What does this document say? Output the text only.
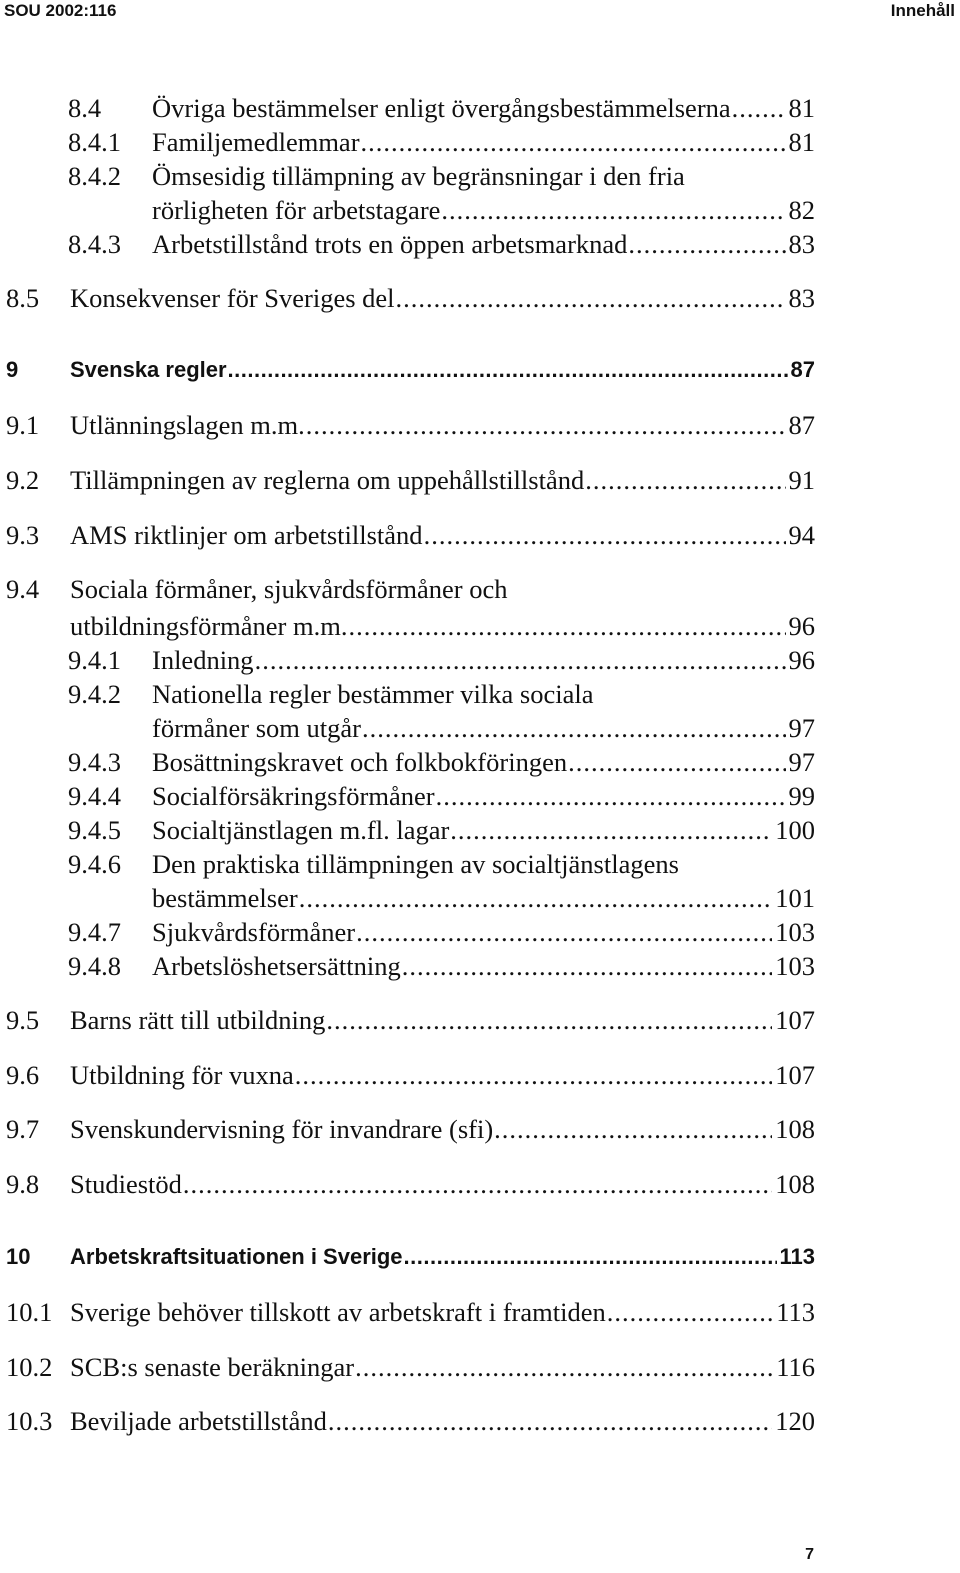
SOU 2002:116	Innehåll
8.4 Övriga bestämmelser enligt övergångsbestämmelserna ..... 81
8.4.1 Familjemedlemmar .....	81
8.4.2 Ömsesidig tillämpning av begränsningar i den fria
rörligheten för arbetstagare .....	82
8.4.3 Arbetstillstånd trots en öppen arbetsmarknad .....	83
8.5 Konsekvenser för Sveriges del .....	83
9 Svenska regler .....	87
9.1 Utlänningslagen m.m. .....	87
9.2 Tillämpningen av reglerna om uppehållstillstånd .....	91
9.3 AMS riktlinjer om arbetstillstånd .....	94
9.4 Sociala förmåner, sjukvårdsförmåner och
utbildningsförmåner m.m. .....	96
9.4.1 Inledning .....	96
9.4.2 Nationella regler bestämmer vilka sociala
förmåner som utgår .....	97
9.4.3 Bosättningskravet och folkbokföringen .....	97
9.4.4 Socialförsäkringsförmåner .....	99
9.4.5 Socialtjänstlagen m.fl. lagar .....	100
9.4.6 Den praktiska tillämpningen av socialtjänstlagens
bestämmelser .....	101
9.4.7 Sjukvårdsförmåner .....	103
9.4.8 Arbetslöshetsersättning .....	103
9.5 Barns rätt till utbildning .....	107
9.6 Utbildning för vuxna .....	107
9.7 Svenskundervisning för invandrare (sfi) .....	108
9.8 Studiestöd .....	108
10 Arbetskraftsituationen i Sverige .....	113
10.1 Sverige behöver tillskott av arbetskraft i framtiden .....	113
10.2 SCB:s senaste beräkningar .....	116
10.3 Beviljade arbetstillstånd .....	120
7
